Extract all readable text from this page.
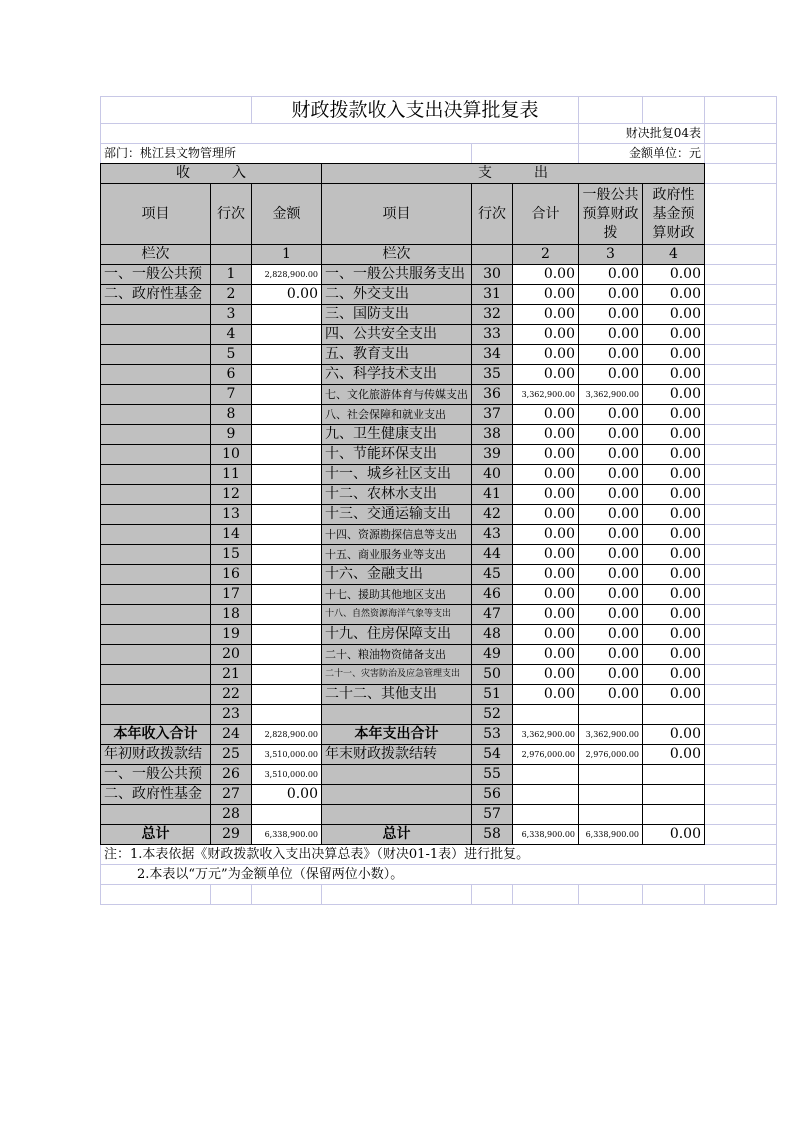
		财政拨款收入支出决算批复表						
						财决批复04表		
部门：桃江县文物管理所						金额单位：元		
收　　　入			支　　　出					
项目	行次	金额	项目	行次	合计	一般公共预算财政拨	政府性基金预算财政	
栏次		1	栏次		2	3	4	
一、一般公共预	1	2,828,900.00	一、一般公共服务支出	30	0.00	0.00	0.00	
二、政府性基金	2	0.00	二、外交支出	31	0.00	0.00	0.00	
	3		三、国防支出	32	0.00	0.00	0.00	
	4		四、公共安全支出	33	0.00	0.00	0.00	
	5		五、教育支出	34	0.00	0.00	0.00	
	6		六、科学技术支出	35	0.00	0.00	0.00	
	7		七、文化旅游体育与传媒支出	36	3,362,900.00	3,362,900.00	0.00	
	8		八、社会保障和就业支出	37	0.00	0.00	0.00	
	9		九、卫生健康支出	38	0.00	0.00	0.00	
	10		十、节能环保支出	39	0.00	0.00	0.00	
	11		十一、城乡社区支出	40	0.00	0.00	0.00	
	12		十二、农林水支出	41	0.00	0.00	0.00	
	13		十三、交通运输支出	42	0.00	0.00	0.00	
	14		十四、资源勘探信息等支出	43	0.00	0.00	0.00	
	15		十五、商业服务业等支出	44	0.00	0.00	0.00	
	16		十六、金融支出	45	0.00	0.00	0.00	
	17		十七、援助其他地区支出	46	0.00	0.00	0.00	
	18		十八、自然资源海洋气象等支出	47	0.00	0.00	0.00	
	19		十九、住房保障支出	48	0.00	0.00	0.00	
	20		二十、粮油物资储备支出	49	0.00	0.00	0.00	
	21		二十一、灾害防治及应急管理支出	50	0.00	0.00	0.00	
	22		二十二、其他支出	51	0.00	0.00	0.00	
	23			52				
本年收入合计	24	2,828,900.00	本年支出合计	53	3,362,900.00	3,362,900.00	0.00	
年初财政拨款结	25	3,510,000.00	年末财政拨款结转	54	2,976,000.00	2,976,000.00	0.00	
一、一般公共预	26	3,510,000.00		55				
二、政府性基金	27	0.00		56				
	28			57				
总计	29	6,338,900.00	总计	58	6,338,900.00	6,338,900.00	0.00	
注：1.本表依据《财政拨款收入支出决算总表》（财决01-1表）进行批复。								
2.本表以“万元”为金额单位（保留两位小数）。								
